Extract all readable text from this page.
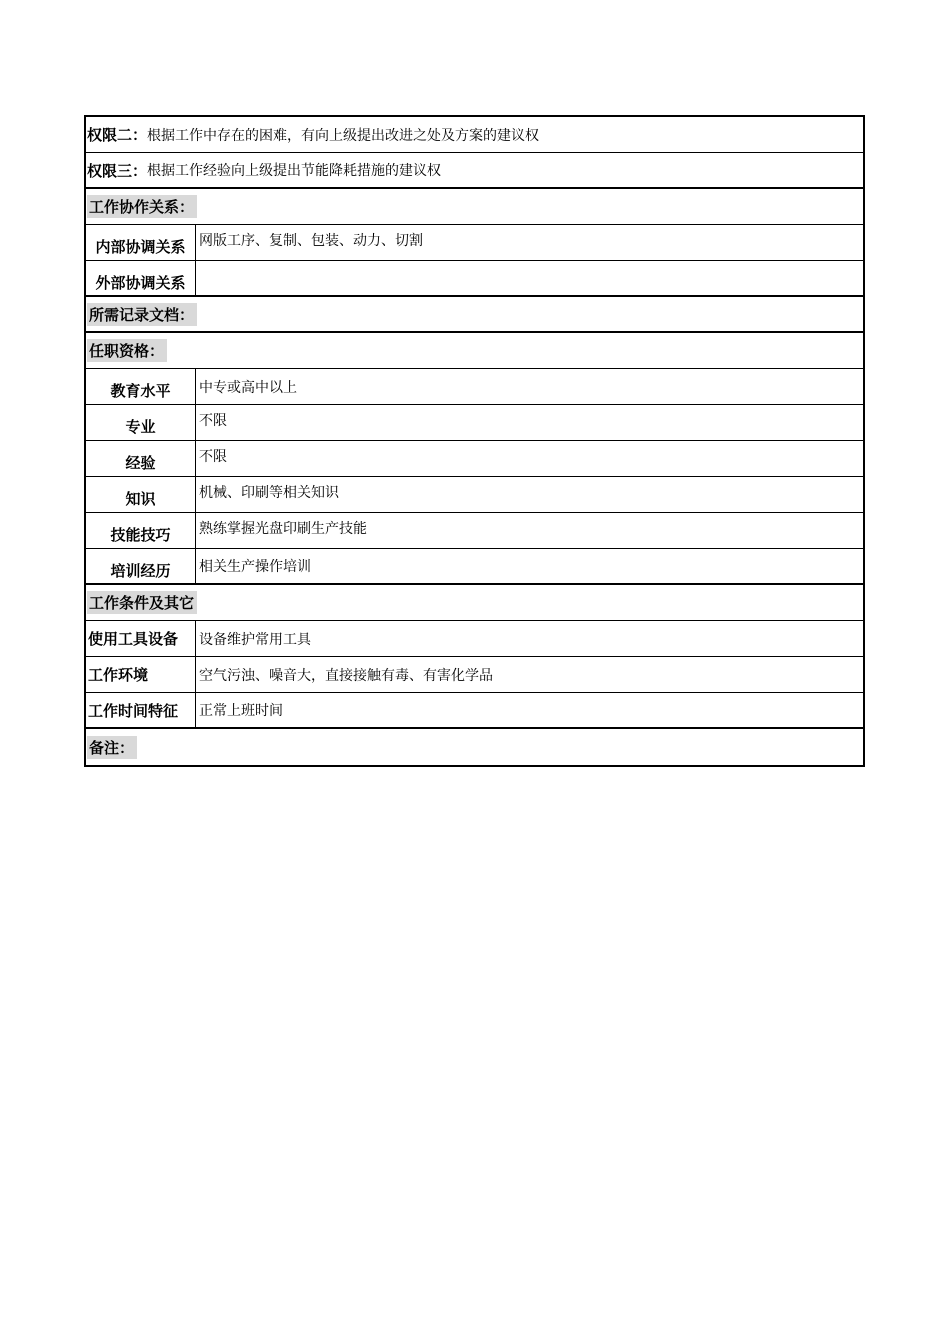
权限二： 根据工作中存在的困难，有向上级提出改进之处及方案的建议权
权限三： 根据工作经验向上级提出节能降耗措施的建议权
工作协作关系：
内部协调关系 网版工序、复制、包装、动力、切割
外部协调关系
所需记录文档：
任职资格：
教育水平	中专或高中以上
专业	不限
经验	不限
知识	机械、印刷等相关知识
技能技巧	熟练掌握光盘印刷生产技能
培训经历	相关生产操作培训
工作条件及其它
使用工具设备	设备维护常用工具
工作环境	空气污浊、噪音大，直接接触有毒、有害化学品
工作时间特征	正常上班时间
备注：
